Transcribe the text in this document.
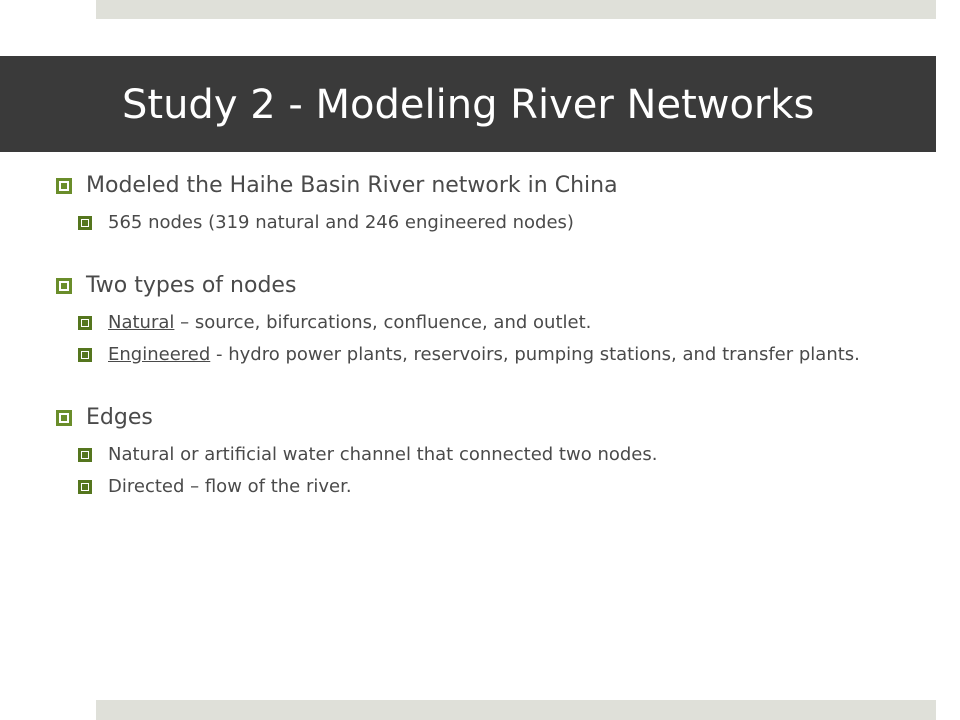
Study 2 - Modeling River Networks
Modeled the Haihe Basin River network in China
565 nodes (319 natural and 246 engineered nodes)
Two types of nodes
Natural – source, bifurcations, confluence, and outlet.
Engineered - hydro power plants, reservoirs, pumping stations, and transfer plants.
Edges
Natural or artificial water channel that connected two nodes.
Directed – flow of the river.
